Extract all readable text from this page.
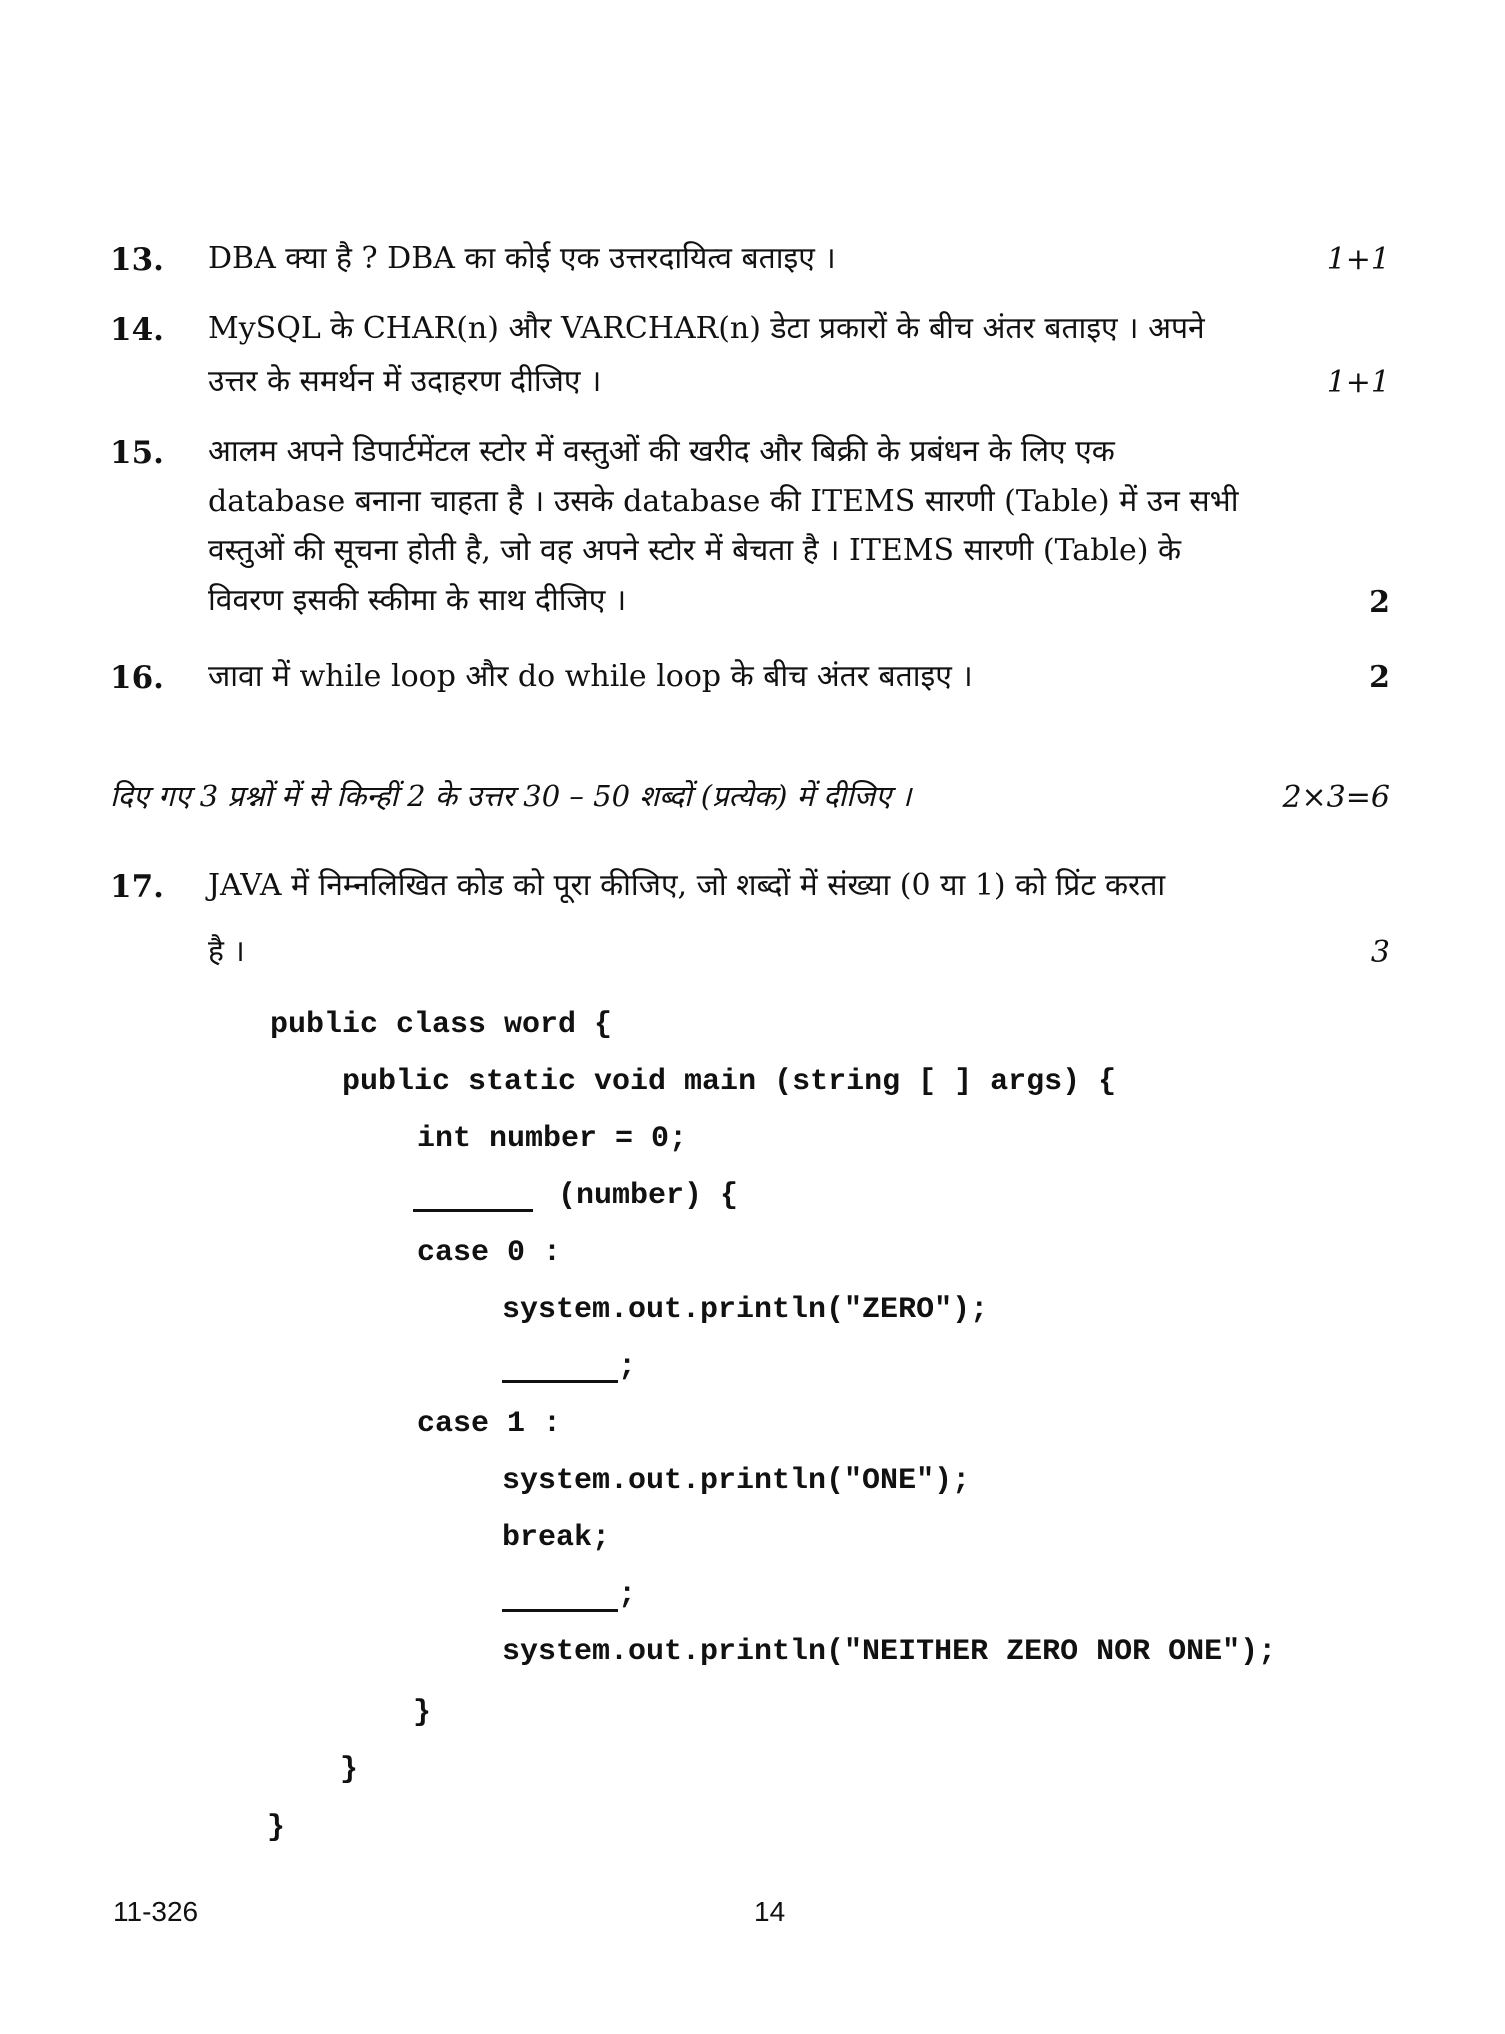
13. DBA क्या है ? DBA का कोई एक उत्तरदायित्व बताइए ।	1+1
14. MySQL के CHAR(n) और VARCHAR(n) डेटा प्रकारों के बीच अंतर बताइए । अपने
उत्तर के समर्थन में उदाहरण दीजिए ।	1+1
15. आलम अपने डिपार्टमेंटल स्टोर में वस्तुओं की खरीद और बिक्री के प्रबंधन के लिए एक
database बनाना चाहता है । उसके database की ITEMS सारणी (Table) में उन सभी
वस्तुओं की सूचना होती है, जो वह अपने स्टोर में बेचता है । ITEMS सारणी (Table) के
विवरण इसकी स्कीमा के साथ दीजिए ।	2
16. जावा में while loop और do while loop के बीच अंतर बताइए ।	2
दिए गए 3 प्रश्नों में से किन्हीं 2 के उत्तर 30 – 50 शब्दों (प्रत्येक) में दीजिए ।	2×3=6
17. JAVA में निम्नलिखित कोड को पूरा कीजिए, जो शब्दों में संख्या (0 या 1) को प्रिंट करता
है ।	3
public class word {
public static void main (string [ ] args) {
int number = 0;
(number) {
case 0 :
system.out.println("ZERO");
;
case 1 :
system.out.println("ONE");
break;
;
system.out.println("NEITHER ZERO NOR ONE");
}
}
}
11-326	14
